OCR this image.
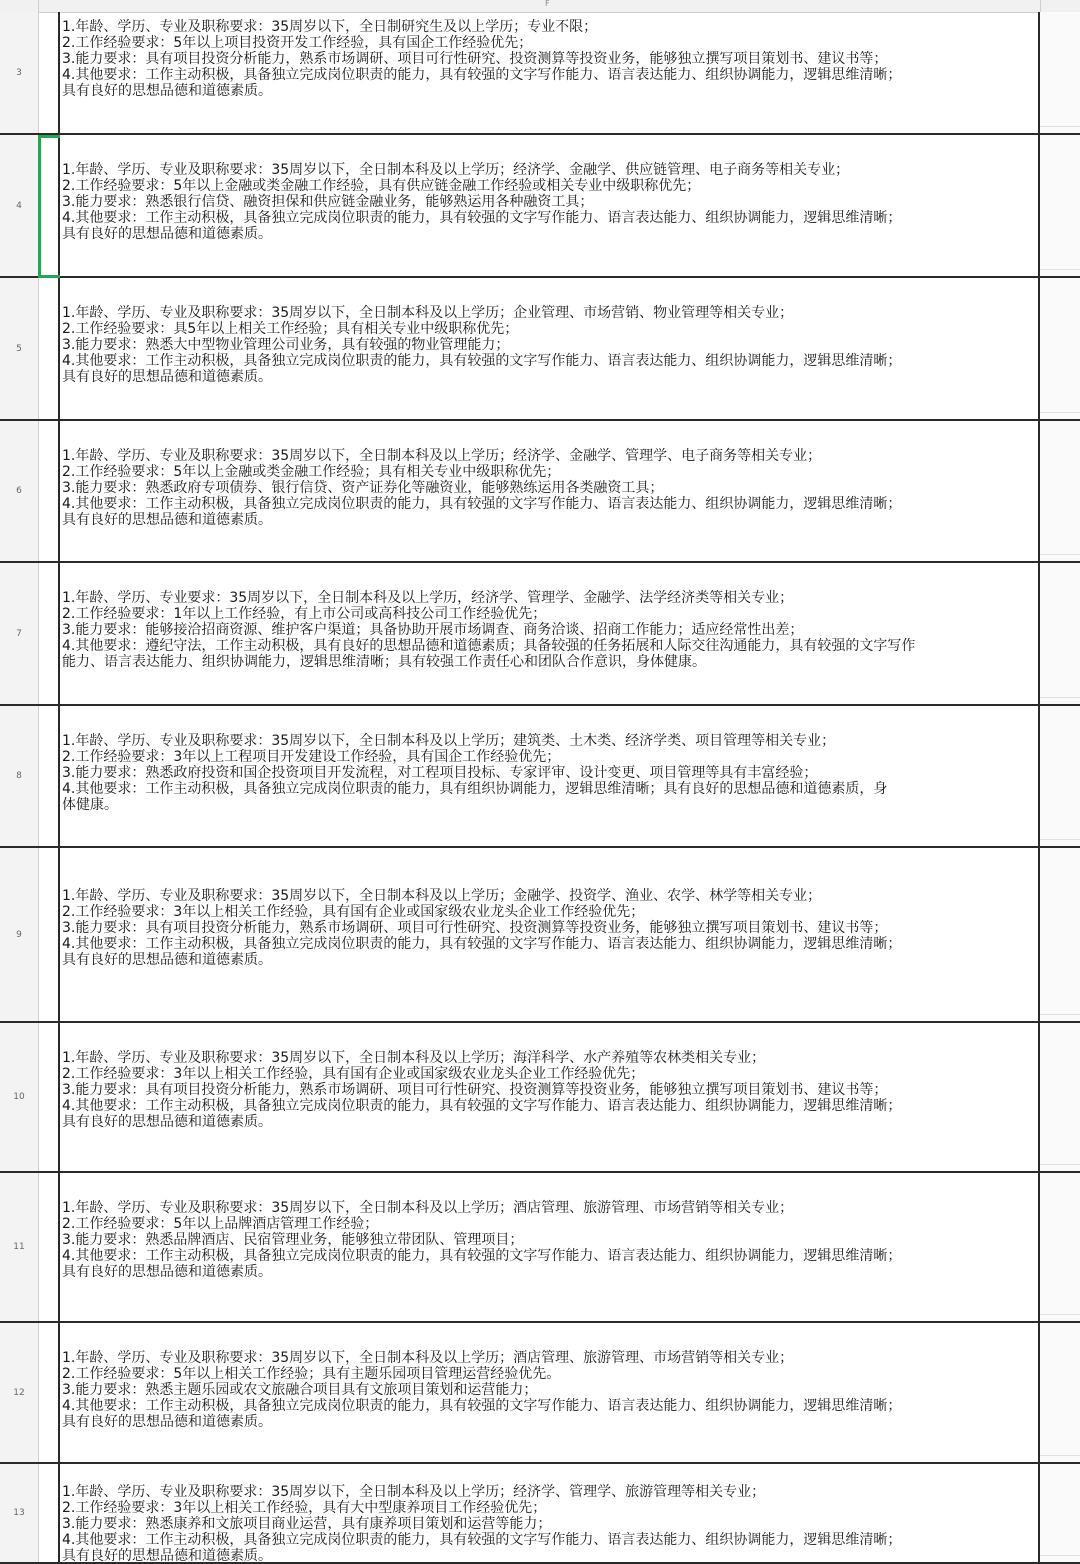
F
3
1.年龄、学历、专业及职称要求：35周岁以下，全日制研究生及以上学历；专业不限；
2.工作经验要求：5年以上项目投资开发工作经验，具有国企工作经验优先；
3.能力要求：具有项目投资分析能力，熟系市场调研、项目可行性研究、投资测算等投资业务，能够独立撰写项目策划书、建议书等；
4.其他要求：工作主动积极，具备独立完成岗位职责的能力，具有较强的文字写作能力、语言表达能力、组织协调能力，逻辑思维清晰；
具有良好的思想品德和道德素质。
4
1.年龄、学历、专业及职称要求：35周岁以下，全日制本科及以上学历；经济学、金融学、供应链管理、电子商务等相关专业；
2.工作经验要求：5年以上金融或类金融工作经验，具有供应链金融工作经验或相关专业中级职称优先；
3.能力要求：熟悉银行信贷、融资担保和供应链金融业务，能够熟运用各种融资工具；
4.其他要求：工作主动积极，具备独立完成岗位职责的能力，具有较强的文字写作能力、语言表达能力、组织协调能力，逻辑思维清晰；
具有良好的思想品德和道德素质。
5
1.年龄、学历、专业及职称要求：35周岁以下，全日制本科及以上学历；企业管理、市场营销、物业管理等相关专业；
2.工作经验要求：具5年以上相关工作经验；具有相关专业中级职称优先；
3.能力要求：熟悉大中型物业管理公司业务，具有较强的物业管理能力；
4.其他要求：工作主动积极，具备独立完成岗位职责的能力，具有较强的文字写作能力、语言表达能力、组织协调能力，逻辑思维清晰；
具有良好的思想品德和道德素质。
6
1.年龄、学历、专业及职称要求：35周岁以下，全日制本科及以上学历；经济学、金融学、管理学、电子商务等相关专业；
2.工作经验要求：5年以上金融或类金融工作经验；具有相关专业中级职称优先；
3.能力要求：熟悉政府专项债券、银行信贷、资产证券化等融资业，能够熟练运用各类融资工具；
4.其他要求：工作主动积极，具备独立完成岗位职责的能力，具有较强的文字写作能力、语言表达能力、组织协调能力，逻辑思维清晰；
具有良好的思想品德和道德素质。
7
1.年龄、学历、专业要求：35周岁以下，全日制本科及以上学历，经济学、管理学、金融学、法学经济类等相关专业；
2.工作经验要求：1年以上工作经验，有上市公司或高科技公司工作经验优先；
3.能力要求：能够接洽招商资源、维护客户渠道；具备协助开展市场调查、商务洽谈、招商工作能力；适应经常性出差；
4.其他要求：遵纪守法，工作主动积极，具有良好的思想品德和道德素质；具备较强的任务拓展和人际交往沟通能力，具有较强的文字写作
能力、语言表达能力、组织协调能力，逻辑思维清晰；具有较强工作责任心和团队合作意识，身体健康。
8
1.年龄、学历、专业及职称要求：35周岁以下，全日制本科及以上学历；建筑类、土木类、经济学类、项目管理等相关专业；
2.工作经验要求：3年以上工程项目开发建设工作经验，具有国企工作经验优先；
3.能力要求：熟悉政府投资和国企投资项目开发流程，对工程项目投标、专家评审、设计变更、项目管理等具有丰富经验；
4.其他要求：工作主动积极，具备独立完成岗位职责的能力，具有组织协调能力，逻辑思维清晰；具有良好的思想品德和道德素质，身
体健康。
9
1.年龄、学历、专业及职称要求：35周岁以下，全日制本科及以上学历；金融学、投资学、渔业、农学、林学等相关专业；
2.工作经验要求：3年以上相关工作经验，具有国有企业或国家级农业龙头企业工作经验优先；
3.能力要求：具有项目投资分析能力，熟系市场调研、项目可行性研究、投资测算等投资业务，能够独立撰写项目策划书、建议书等；
4.其他要求：工作主动积极，具备独立完成岗位职责的能力，具有较强的文字写作能力、语言表达能力、组织协调能力，逻辑思维清晰；
具有良好的思想品德和道德素质。
10
1.年龄、学历、专业及职称要求：35周岁以下，全日制本科及以上学历；海洋科学、水产养殖等农林类相关专业；
2.工作经验要求：3年以上相关工作经验，具有国有企业或国家级农业龙头企业工作经验优先；
3.能力要求：具有项目投资分析能力，熟系市场调研、项目可行性研究、投资测算等投资业务，能够独立撰写项目策划书、建议书等；
4.其他要求：工作主动积极，具备独立完成岗位职责的能力，具有较强的文字写作能力、语言表达能力、组织协调能力，逻辑思维清晰；
具有良好的思想品德和道德素质。
11
1.年龄、学历、专业及职称要求：35周岁以下，全日制本科及以上学历；酒店管理、旅游管理、市场营销等相关专业；
2.工作经验要求：5年以上品牌酒店管理工作经验；
3.能力要求：熟悉品牌酒店、民宿管理业务，能够独立带团队、管理项目；
4.其他要求：工作主动积极，具备独立完成岗位职责的能力，具有较强的文字写作能力、语言表达能力、组织协调能力，逻辑思维清晰；
具有良好的思想品德和道德素质。
12
1.年龄、学历、专业及职称要求：35周岁以下，全日制本科及以上学历；酒店管理、旅游管理、市场营销等相关专业；
2.工作经验要求：5年以上相关工作经验；具有主题乐园项目管理运营经验优先。
3.能力要求：熟悉主题乐园或农文旅融合项目具有文旅项目策划和运营能力；
4.其他要求：工作主动积极，具备独立完成岗位职责的能力，具有较强的文字写作能力、语言表达能力、组织协调能力，逻辑思维清晰；
具有良好的思想品德和道德素质。
13
1.年龄、学历、专业及职称要求：35周岁以下，全日制本科及以上学历；经济学、管理学、旅游管理等相关专业；
2.工作经验要求：3年以上相关工作经验，具有大中型康养项目工作经验优先；
3.能力要求：熟悉康养和文旅项目商业运营，具有康养项目策划和运营等能力；
4.其他要求：工作主动积极，具备独立完成岗位职责的能力，具有较强的文字写作能力、语言表达能力、组织协调能力，逻辑思维清晰；
具有良好的思想品德和道德素质。
